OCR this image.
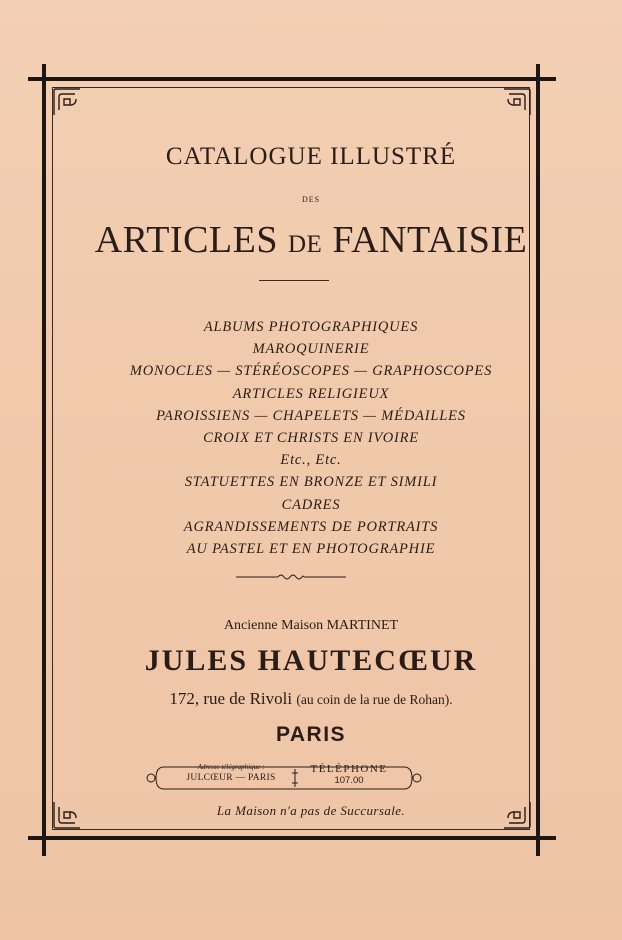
CATALOGUE ILLUSTRÉ

DES

ARTICLES DE FANTAISIE

ALBUMS PHOTOGRAPHIQUES
MAROQUINERIE
MONOCLES — STÉRÉOSCOPES — GRAPHOSCOPES
ARTICLES RELIGIEUX
PAROISSIENS — CHAPELETS — MÉDAILLES
CROIX ET CHRISTS EN IVOIRE
Etc., Etc.
STATUETTES EN BRONZE ET SIMILI
CADRES
AGRANDISSEMENTS DE PORTRAITS
AU PASTEL ET EN PHOTOGRAPHIE

Ancienne Maison MARTINET

JULES HAUTECŒUR

172, rue de Rivoli (au coin de la rue de Rohan).

PARIS

Adresse télégraphique :
JULCŒUR — PARIS
TÉLÉPHONE
107.00

La Maison n'a pas de Succursale.
